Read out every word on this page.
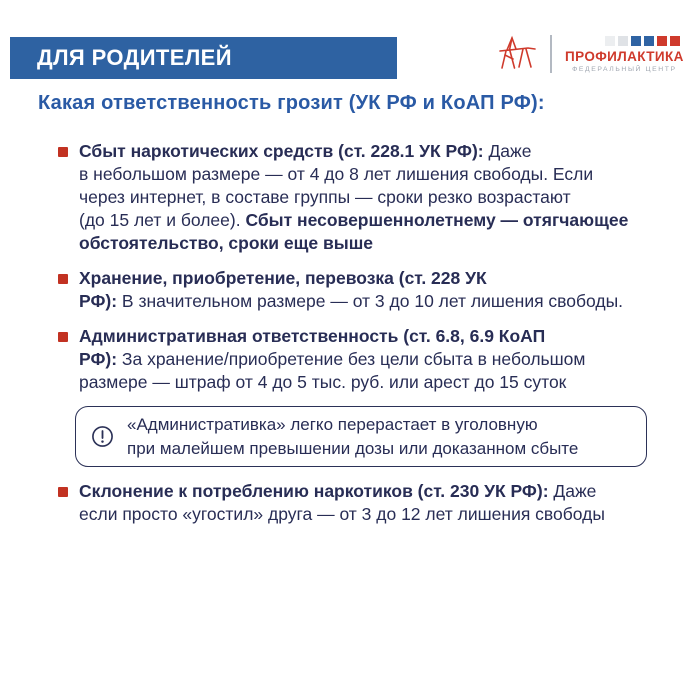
ДЛЯ РОДИТЕЛЕЙ	ПРОФИЛАКТИКА
ФЕДЕРАЛЬНЫЙ ЦЕНТР
Какая ответственность грозит (УК РФ и КоАП РФ):
Сбыт наркотических средств (ст. 228.1 УК РФ): Даже
в небольшом размере — от 4 до 8 лет лишения свободы. Если
через интернет, в составе группы — сроки резко возрастают
(до 15 лет и более). Сбыт несовершеннолетнему — отягчающее
обстоятельство, сроки еще выше
Хранение, приобретение, перевозка (ст. 228 УК
РФ): В значительном размере — от 3 до 10 лет лишения свободы.
Административная ответственность (ст. 6.8, 6.9 КоАП
РФ): За хранение/приобретение без цели сбыта в небольшом
размере — штраф от 4 до 5 тыс. руб. или арест до 15 суток
«Административка» легко перерастает в уголовную
при малейшем превышении дозы или доказанном сбыте
Склонение к потреблению наркотиков (ст. 230 УК РФ): Даже
если просто «угостил» друга — от 3 до 12 лет лишения свободы
